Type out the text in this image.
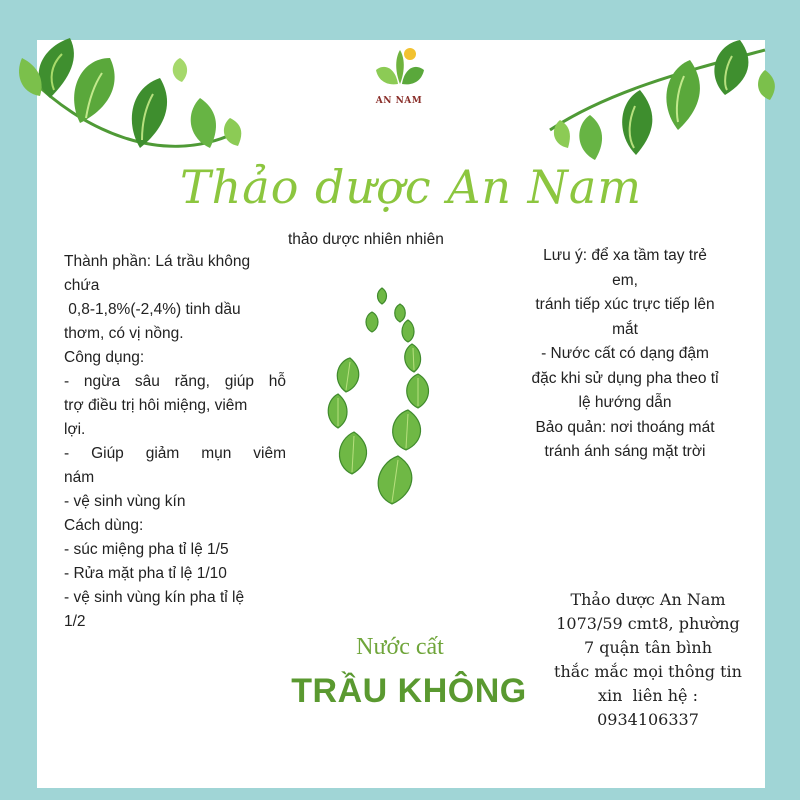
AN NAM
Thảo dược An Nam
thảo dược nhiên nhiên

Thành phần: Lá trầu không

chứa

0,8-1,8%(-2,4%) tinh dầu

thơm, có vị nồng.

Công dụng:

- ngừa sâu răng, giúp hỗ

trợ điều trị hôi miệng, viêm

lợi.

- Giúp giảm mụn viêm

nám

- vệ sinh vùng kín

Cách dùng:

- súc miệng pha tỉ lệ 1/5

- Rửa mặt pha tỉ lệ 1/10

- vệ sinh vùng kín pha tỉ lệ

1/2

Lưu ý: để xa tầm tay trẻ

em,

tránh tiếp xúc trực tiếp lên

mắt

- Nước cất có dạng đậm

đặc khi sử dụng pha theo tỉ

lệ hướng dẫn

Bảo quản: nơi thoáng mát

tránh ánh sáng mặt trời

Thảo dược An Nam

1073/59 cmt8, phường

7 quận tân bình

thắc mắc mọi thông tin

xin  liên hệ :

0934106337

Nước cất
TRẦU KHÔNG
